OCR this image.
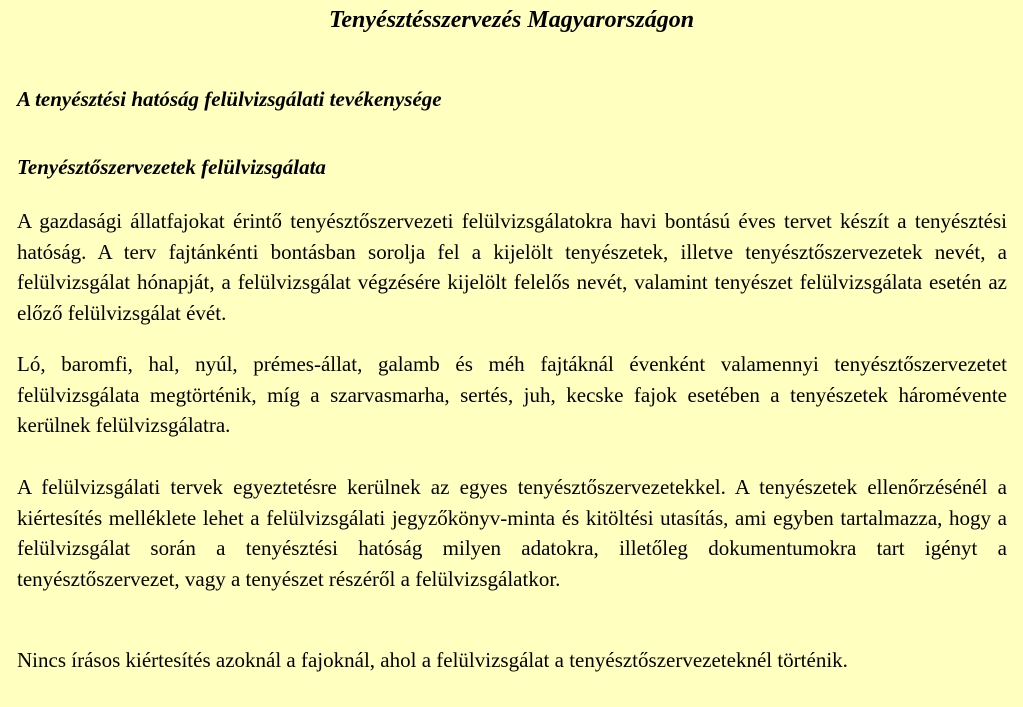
Tenyésztésszervezés Magyarországon
A tenyésztési hatóság felülvizsgálati tevékenysége
Tenyésztőszervezetek felülvizsgálata

A gazdasági állatfajokat érintő tenyésztőszervezeti felülvizsgálatokra havi bontású éves tervet készít a tenyésztési hatóság. A terv fajtánkénti bontásban sorolja fel a kijelölt tenyészetek, illetve tenyésztőszervezetek nevét, a felülvizsgálat hónapját, a felülvizsgálat végzésére kijelölt felelős nevét, valamint tenyészet felülvizsgálata esetén az előző felülvizsgálat évét.

Ló, baromfi, hal, nyúl, prémes-állat, galamb és méh fajtáknál évenként valamennyi tenyésztőszervezetet felülvizsgálata megtörténik, míg a szarvasmarha, sertés, juh, kecske fajok esetében a tenyészetek háromévente kerülnek felülvizsgálatra.

A felülvizsgálati tervek egyeztetésre kerülnek az egyes tenyésztőszervezetekkel. A tenyészetek ellenőrzésénél a kiértesítés melléklete lehet a felülvizsgálati jegyzőkönyv-minta és kitöltési utasítás, ami egyben tartalmazza, hogy a felülvizsgálat során a tenyésztési hatóság milyen adatokra, illetőleg dokumentumokra tart igényt a tenyésztőszervezet, vagy a tenyészet részéről a felülvizsgálatkor.

Nincs írásos kiértesítés azoknál a fajoknál, ahol a felülvizsgálat a tenyésztőszervezeteknél történik.
